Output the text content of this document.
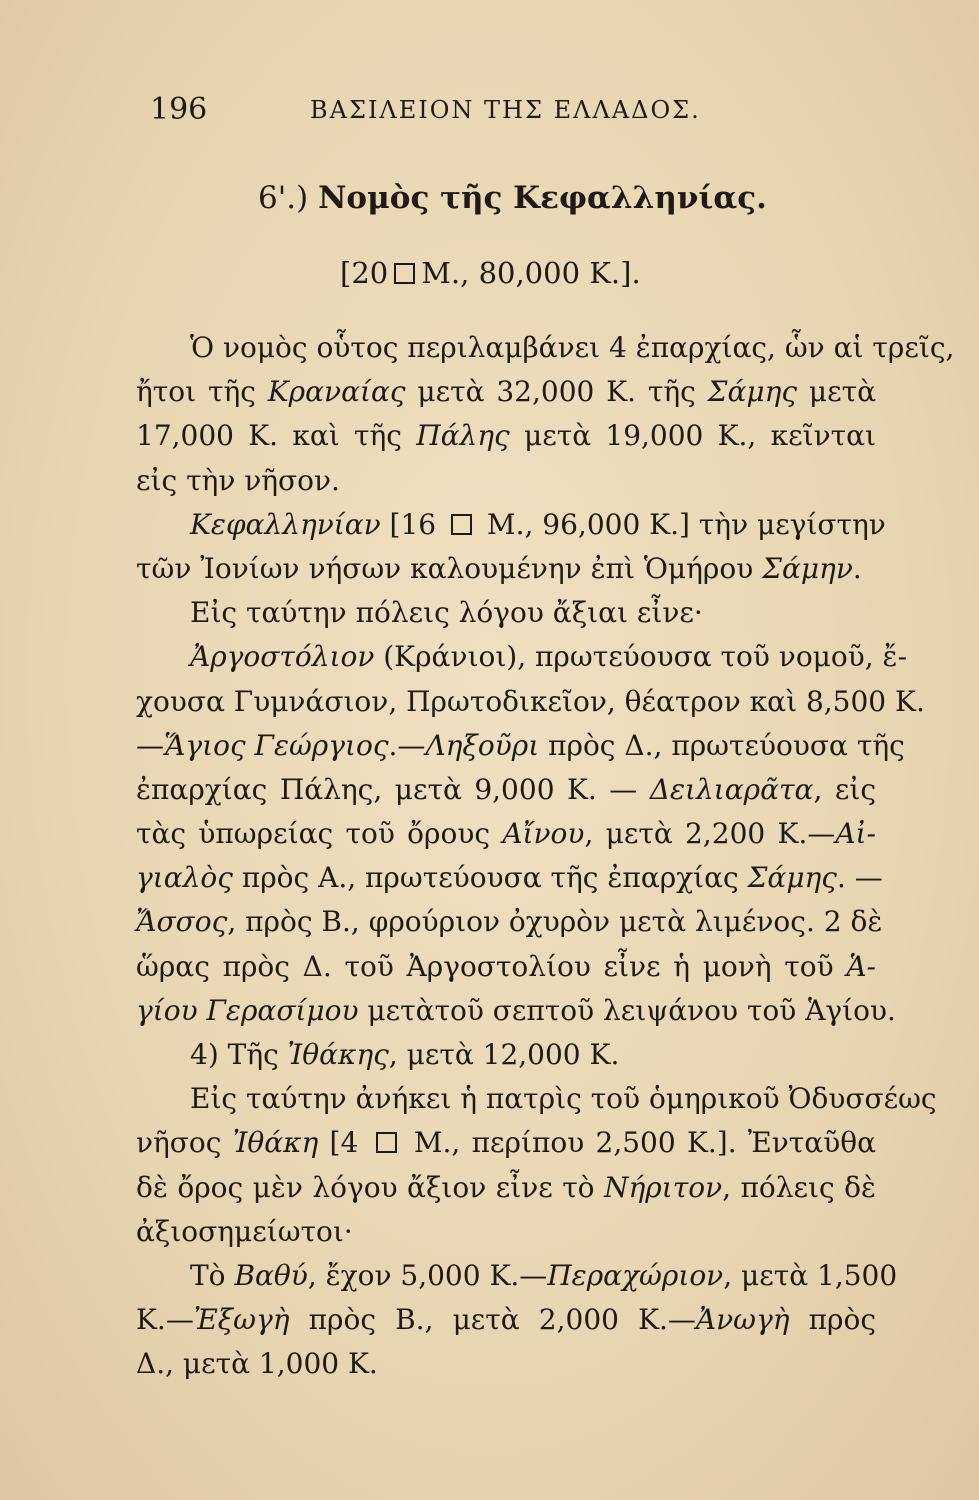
196	ΒΑΣΙΛΕΙΟΝ ΤΗΣ ΕΛΛΑΔΟΣ.
6'.) Νομὸς τῆς Κεφαλληνίας.
[20 Μ., 80,000 Κ.].
Ὁ νομὸς οὗτος περιλαμβάνει 4 ἐπαρχίας, ὧν αἱ τρεῖς,
ἤτοι τῆς Κραναίας μετὰ 32,000 Κ. τῆς Σάμης μετὰ
17,000 Κ. καὶ τῆς Πάλης μετὰ 19,000 Κ., κεῖνται
εἰς τὴν νῆσον.
Κεφαλληνίαν [16  Μ., 96,000 Κ.] τὴν μεγίστην
τῶν Ἰονίων νήσων καλουμένην ἐπὶ Ὁμήρου Σάμην.
Εἰς ταύτην πόλεις λόγου ἄξιαι εἶνε·
Ἀργοστόλιον (Κράνιοι), πρωτεύουσα τοῦ νομοῦ, ἔ-
χουσα Γυμνάσιον, Πρωτοδικεῖον, θέατρον καὶ 8,500 Κ.
—Ἅγιος Γεώργιος.—Ληξοῦρι πρὸς Δ., πρωτεύουσα τῆς
ἐπαρχίας Πάλης, μετὰ 9,000 Κ. — Δειλιαρᾶτα, εἰς
τὰς ὑπωρείας τοῦ ὄρους Αἴνου, μετὰ 2,200 Κ.—Αἰ-
γιαλὸς πρὸς Α., πρωτεύουσα τῆς ἐπαρχίας Σάμης. —
Ἄσσος, πρὸς Β., φρούριον ὀχυρὸν μετὰ λιμένος. 2 δὲ
ὥρας πρὸς Δ. τοῦ Ἀργοστολίου εἶνε ἡ μονὴ τοῦ Ἁ-
γίου Γερασίμου μετὰτοῦ σεπτοῦ λειψάνου τοῦ Ἁγίου.
4) Τῆς Ἰθάκης, μετὰ 12,000 Κ.
Εἰς ταύτην ἀνήκει ἡ πατρὶς τοῦ ὁμηρικοῦ Ὀδυσσέως
νῆσος Ἰθάκη [4  Μ., περίπου 2,500 Κ.]. Ἐνταῦθα
δὲ ὄρος μὲν λόγου ἄξιον εἶνε τὸ Νήριτον, πόλεις δὲ
ἀξιοσημείωτοι·
Τὸ Βαθύ, ἔχον 5,000 Κ.—Περαχώριον, μετὰ 1,500
Κ.—Ἐξωγὴ πρὸς Β., μετὰ 2,000 Κ.—Ἀνωγὴ πρὸς
Δ., μετὰ 1,000 Κ.
